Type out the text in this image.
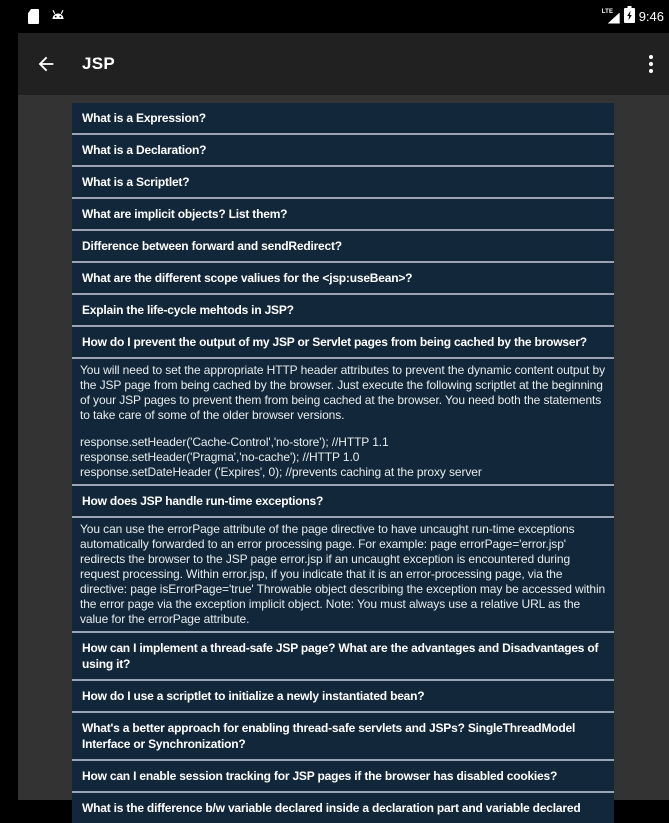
LTE 9:46
JSP
What is a Expression?
What is a Declaration?
What is a Scriptlet?
What are implicit objects? List them?
Difference between forward and sendRedirect?
What are the different scope valiues for the <jsp:useBean>?
Explain the life-cycle mehtods in JSP?
How do I prevent the output of my JSP or Servlet pages from being cached by the browser?
You will need to set the appropriate HTTP header attributes to prevent the dynamic content output by the JSP page from being cached by the browser. Just execute the following scriptlet at the beginning of your JSP pages to prevent them from being cached at the browser. You need both the statements to take care of some of the older browser versions.
response.setHeader('Cache-Control','no-store'); //HTTP 1.1
response.setHeader('Pragma','no-cache'); //HTTP 1.0
response.setDateHeader ('Expires', 0); //prevents caching at the proxy server
How does JSP handle run-time exceptions?
You can use the errorPage attribute of the page directive to have uncaught run-time exceptions automatically forwarded to an error processing page. For example: page errorPage='error.jsp' redirects the browser to the JSP page error.jsp if an uncaught exception is encountered during request processing. Within error.jsp, if you indicate that it is an error-processing page, via the directive: page isErrorPage='true' Throwable object describing the exception may be accessed within the error page via the exception implicit object. Note: You must always use a relative URL as the value for the errorPage attribute.
How can I implement a thread-safe JSP page? What are the advantages and Disadvantages of using it?
How do I use a scriptlet to initialize a newly instantiated bean?
What's a better approach for enabling thread-safe servlets and JSPs? SingleThreadModel Interface or Synchronization?
How can I enable session tracking for JSP pages if the browser has disabled cookies?
What is the difference b/w variable declared inside a declaration part and variable declared
